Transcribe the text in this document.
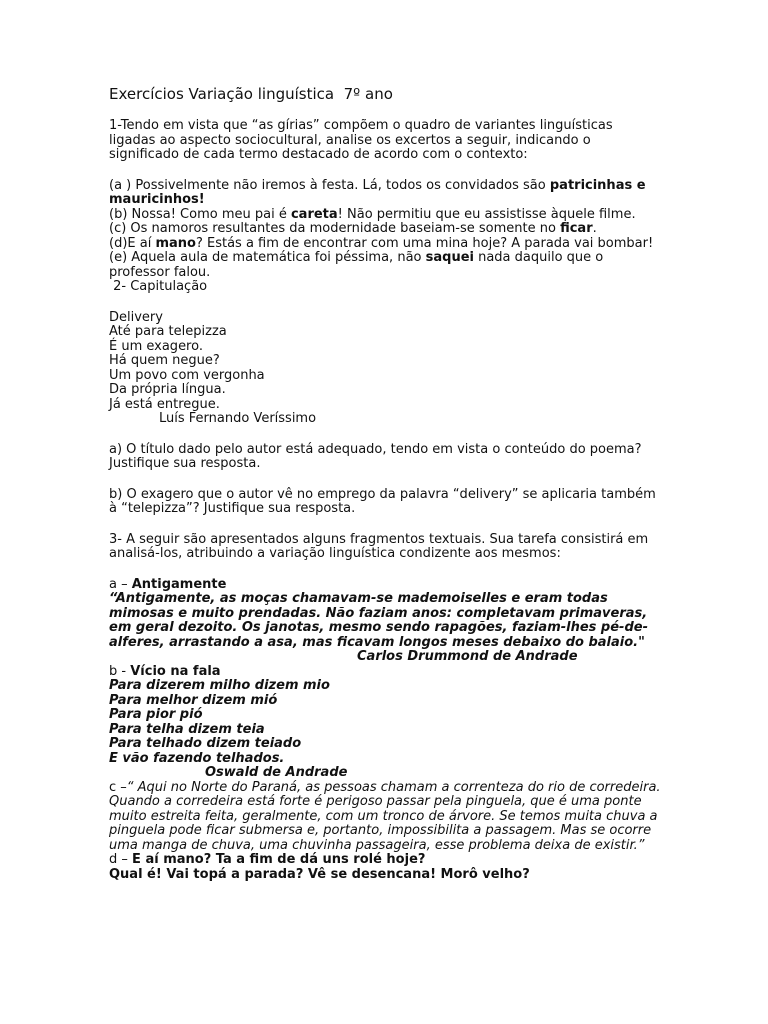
Exercícios Variação linguística  7º ano
1-Tendo em vista que “as gírias” compõem o quadro de variantes linguísticas
ligadas ao aspecto sociocultural, analise os excertos a seguir, indicando o
significado de cada termo destacado de acordo com o contexto:
(a ) Possivelmente não iremos à festa. Lá, todos os convidados são patricinhas e
mauricinhos!
(b) Nossa! Como meu pai é careta! Não permitiu que eu assistisse àquele filme.
(c) Os namoros resultantes da modernidade baseiam-se somente no ficar.
(d)E aí mano? Estás a fim de encontrar com uma mina hoje? A parada vai bombar!
(e) Aquela aula de matemática foi péssima, não saquei nada daquilo que o
professor falou.
2- Capitulação
Delivery
Até para telepizza
É um exagero.
Há quem negue?
Um povo com vergonha
Da própria língua.
Já está entregue.
Luís Fernando Veríssimo
a) O título dado pelo autor está adequado, tendo em vista o conteúdo do poema?
Justifique sua resposta.
b) O exagero que o autor vê no emprego da palavra “delivery” se aplicaria também
à “telepizza”? Justifique sua resposta.
3- A seguir são apresentados alguns fragmentos textuais. Sua tarefa consistirá em
analisá-los, atribuindo a variação linguística condizente aos mesmos:
a – Antigamente
“Antigamente, as moças chamavam-se mademoiselles e eram todas
mimosas e muito prendadas. Não faziam anos: completavam primaveras,
em geral dezoito. Os janotas, mesmo sendo rapagões, faziam-lhes pé-de-
alferes, arrastando a asa, mas ficavam longos meses debaixo do balaio."
Carlos Drummond de Andrade
b - Vício na fala
Para dizerem milho dizem mio
Para melhor dizem mió
Para pior pió
Para telha dizem teia
Para telhado dizem teiado
E vão fazendo telhados.
Oswald de Andrade
c –“ Aqui no Norte do Paraná, as pessoas chamam a correnteza do rio de corredeira.
Quando a corredeira está forte é perigoso passar pela pinguela, que é uma ponte
muito estreita feita, geralmente, com um tronco de árvore. Se temos muita chuva a
pinguela pode ficar submersa e, portanto, impossibilita a passagem. Mas se ocorre
uma manga de chuva, uma chuvinha passageira, esse problema deixa de existir.”
d – E aí mano? Ta a fim de dá uns rolé hoje?
Qual é! Vai topá a parada? Vê se desencana! Morô velho?
